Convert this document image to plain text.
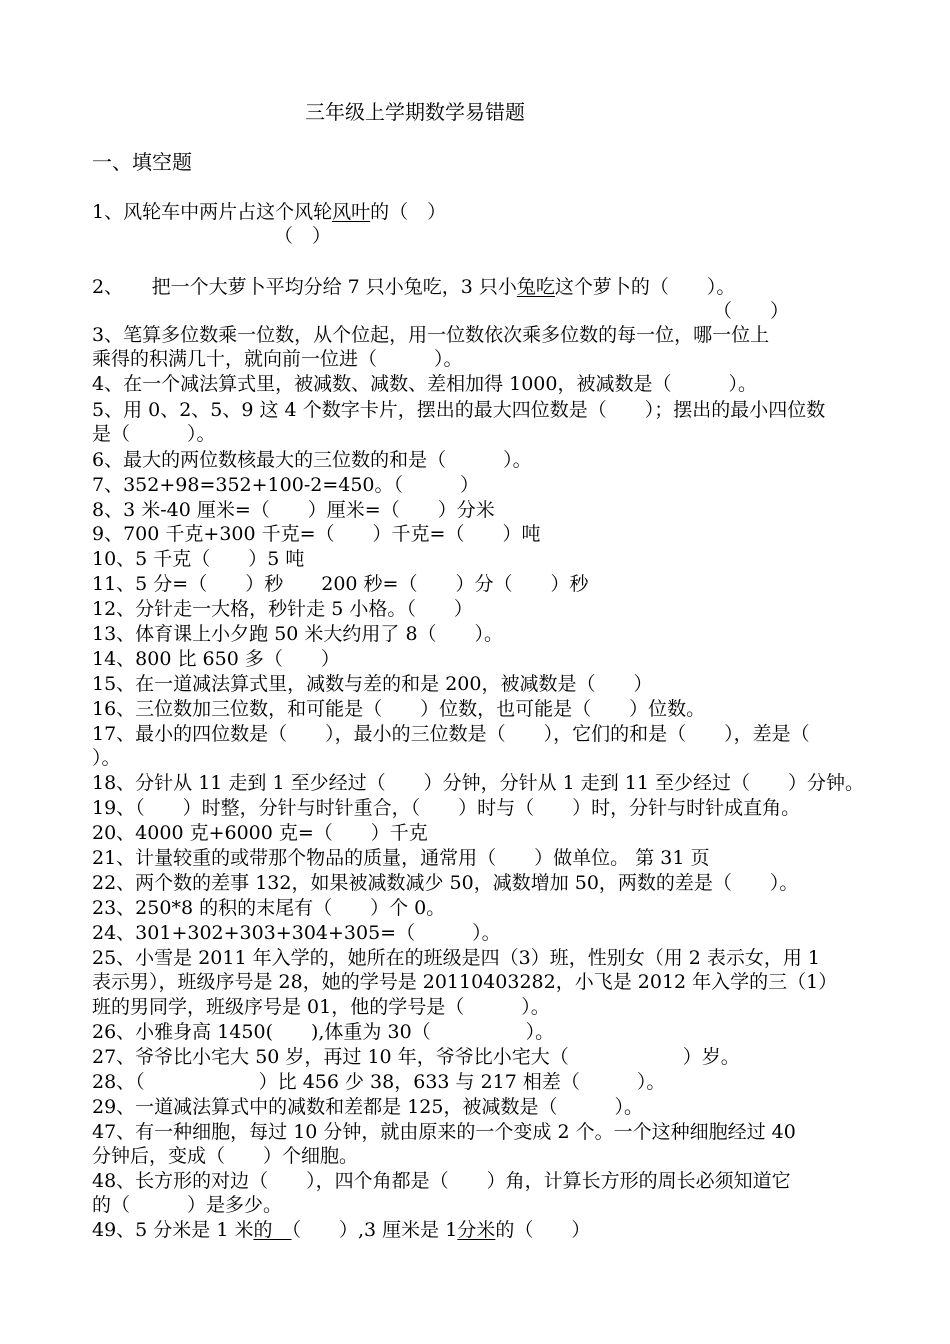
三年级上学期数学易错题
一、填空题
1、风轮车中两片占这个风轮风叶的（　）
（　）
2、　　把一个大萝卜平均分给 7 只小兔吃，3 只小兔吃这个萝卜的（　　）。
（　　）
3、笔算多位数乘一位数，从个位起，用一位数依次乘多位数的每一位，哪一位上
乘得的积满几十，就向前一位进（　　　）。
4、在一个减法算式里，被减数、减数、差相加得 1000，被减数是（　　　）。
5、用 0、2、5、9 这 4 个数字卡片，摆出的最大四位数是（　　）；摆出的最小四位数
是（　　　）。
6、最大的两位数核最大的三位数的和是（　　　）。
7、352+98=352+100-2=450。（　　　）
8、3 米-40 厘米=（　　）厘米=（　　）分米
9、700 千克+300 千克=（　　）千克=（　　）吨
10、5 千克（　　）5 吨
11、5 分=（　　）秒　　200 秒=（　　）分（　　）秒
12、分针走一大格，秒针走 5 小格。（　　）
13、体育课上小夕跑 50 米大约用了 8（　　）。
14、800 比 650 多（　　）
15、在一道减法算式里，减数与差的和是 200，被减数是（　　）
16、三位数加三位数，和可能是（　　）位数，也可能是（　　）位数。
17、最小的四位数是（　　），最小的三位数是（　　），它们的和是（　　），差是（
）。
18、分针从 11 走到 1 至少经过（　　）分钟，分针从 1 走到 11 至少经过（　　）分钟。
19、（　　）时整，分针与时针重合，（　　）时与（　　）时，分针与时针成直角。
20、4000 克+6000 克=（　　）千克
21、计量较重的或带那个物品的质量，通常用（　　）做单位。 第 31 页
22、两个数的差事 132，如果被减数减少 50，减数增加 50，两数的差是（　　）。
23、250*8 的积的末尾有（　　）个 0。
24、301+302+303+304+305=（　　　）。
25、小雪是 2011 年入学的，她所在的班级是四（3）班，性别女（用 2 表示女，用 1
表示男），班级序号是 28，她的学号是 20110403282，小飞是 2012 年入学的三（1）
班的男同学，班级序号是 01，他的学号是（　　　）。
26、小雅身高 1450(　　),体重为 30（　　　　　）。
27、爷爷比小宅大 50 岁，再过 10 年，爷爷比小宅大（　　　　　　）岁。
28、（　　　　　　）比 456 少 38，633 与 217 相差（　　　）。
29、一道减法算式中的减数和差都是 125，被减数是（　　　）。
47、有一种细胞，每过 10 分钟，就由原来的一个变成 2 个。一个这种细胞经过 40
分钟后，变成（　　）个细胞。
48、长方形的对边（　　），四个角都是（　　）角，计算长方形的周长必须知道它
的（　　　）是多少。
49、5 分米是 1 米的　（　　）,3 厘米是 1分米的（　　）
